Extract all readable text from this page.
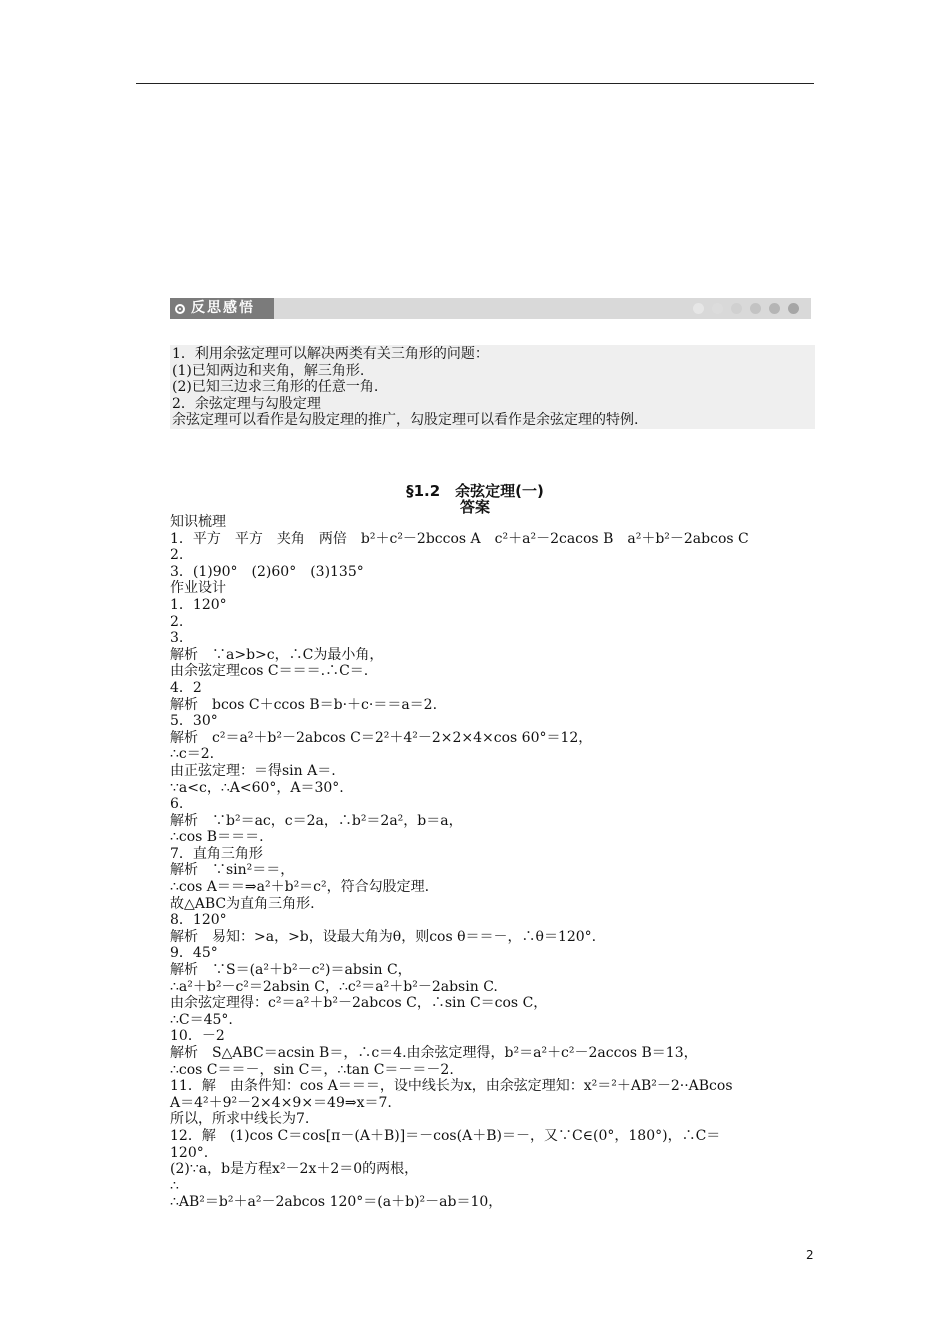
反思感悟
1．利用余弦定理可以解决两类有关三角形的问题：
(1)已知两边和夹角，解三角形.
(2)已知三边求三角形的任意一角.
2．余弦定理与勾股定理
余弦定理可以看作是勾股定理的推广，勾股定理可以看作是余弦定理的特例.
§1.2　余弦定理(一)
答案
知识梳理
1．平方　平方　夹角　两倍　b²＋c²－2bccos A　c²＋a²－2cacos B　a²＋b²－2abcos C
2.
3．(1)90°　(2)60°　(3)135°
作业设计
1．120°
2.
3.
解析　∵a>b>c，∴C为最小角，
由余弦定理cos C＝＝＝.∴C＝.
4．2
解析　bcos C＋ccos B＝b·＋c·＝＝a＝2.
5．30°
解析　c²＝a²＋b²－2abcos C＝2²＋4²－2×2×4×cos 60°＝12，
∴c＝2.
由正弦定理：＝得sin A＝.
∵a<c，∴A<60°，A＝30°.
6.
解析　∵b²＝ac，c＝2a，∴b²＝2a²，b＝a，
∴cos B＝＝＝.
7．直角三角形
解析　∵sin²＝＝，
∴cos A＝＝⇒a²＋b²＝c²，符合勾股定理.
故△ABC为直角三角形.
8．120°
解析　易知：>a，>b，设最大角为θ，则cos θ＝＝－，∴θ＝120°.
9．45°
解析　∵S＝(a²＋b²－c²)＝absin C，
∴a²＋b²－c²＝2absin C，∴c²＝a²＋b²－2absin C.
由余弦定理得：c²＝a²＋b²－2abcos C，∴sin C＝cos C，
∴C＝45°.
10．－2
解析　S△ABC＝acsin B＝，∴c＝4.由余弦定理得，b²＝a²＋c²－2accos B＝13，
∴cos C＝＝－，sin C＝，∴tan C＝－＝－2.
11．解　由条件知：cos A＝＝＝，设中线长为x，由余弦定理知：x²＝²＋AB²－2··ABcos
A＝4²＋9²－2×4×9×＝49⇒x＝7.
所以，所求中线长为7.
12．解　(1)cos C＝cos[π－(A＋B)]＝－cos(A＋B)＝－，又∵C∈(0°，180°)，∴C＝
120°.
(2)∵a，b是方程x²－2x＋2＝0的两根，
∴
∴AB²＝b²＋a²－2abcos 120°＝(a＋b)²－ab＝10，
2
